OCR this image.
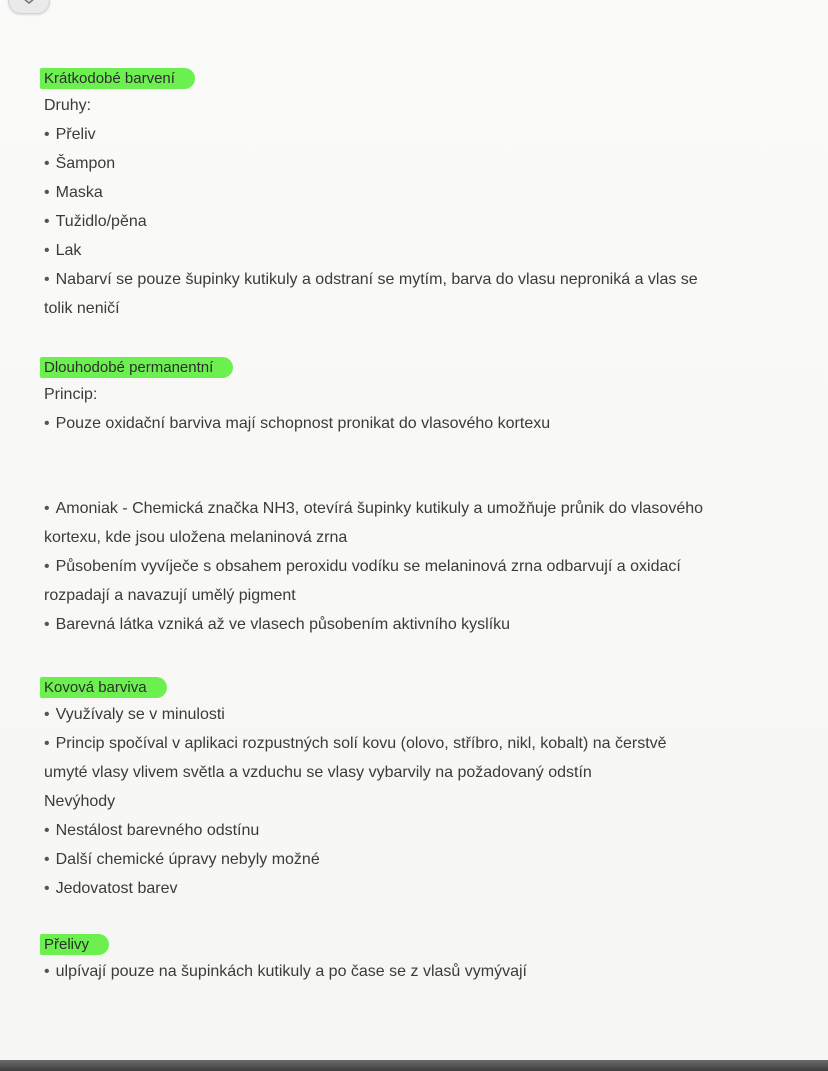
Krátkodobé barvení
Druhy:
• Přeliv
• Šampon
• Maska
• Tužidlo/pěna
• Lak
• Nabarví se pouze šupinky kutikuly a odstraní se mytím, barva do vlasu neproniká a vlas se
tolik neničí
Dlouhodobé permanentní
Princip:
• Pouze oxidační barviva mají schopnost pronikat do vlasového kortexu
• Amoniak - Chemická značka NH3, otevírá šupinky kutikuly a umožňuje průnik do vlasového
kortexu, kde jsou uložena melaninová zrna
• Působením vyvíječe s obsahem peroxidu vodíku se melaninová zrna odbarvují a oxidací
rozpadají a navazují umělý pigment
• Barevná látka vzniká až ve vlasech působením aktivního kyslíku
Kovová barviva
• Využívaly se v minulosti
• Princip spočíval v aplikaci rozpustných solí kovu (olovo, stříbro, nikl, kobalt) na čerstvě
umyté vlasy vlivem světla a vzduchu se vlasy vybarvily na požadovaný odstín
Nevýhody
• Nestálost barevného odstínu
• Další chemické úpravy nebyly možné
• Jedovatost barev
Přelivy
• ulpívají pouze na šupinkách kutikuly a po čase se z vlasů vymývají
